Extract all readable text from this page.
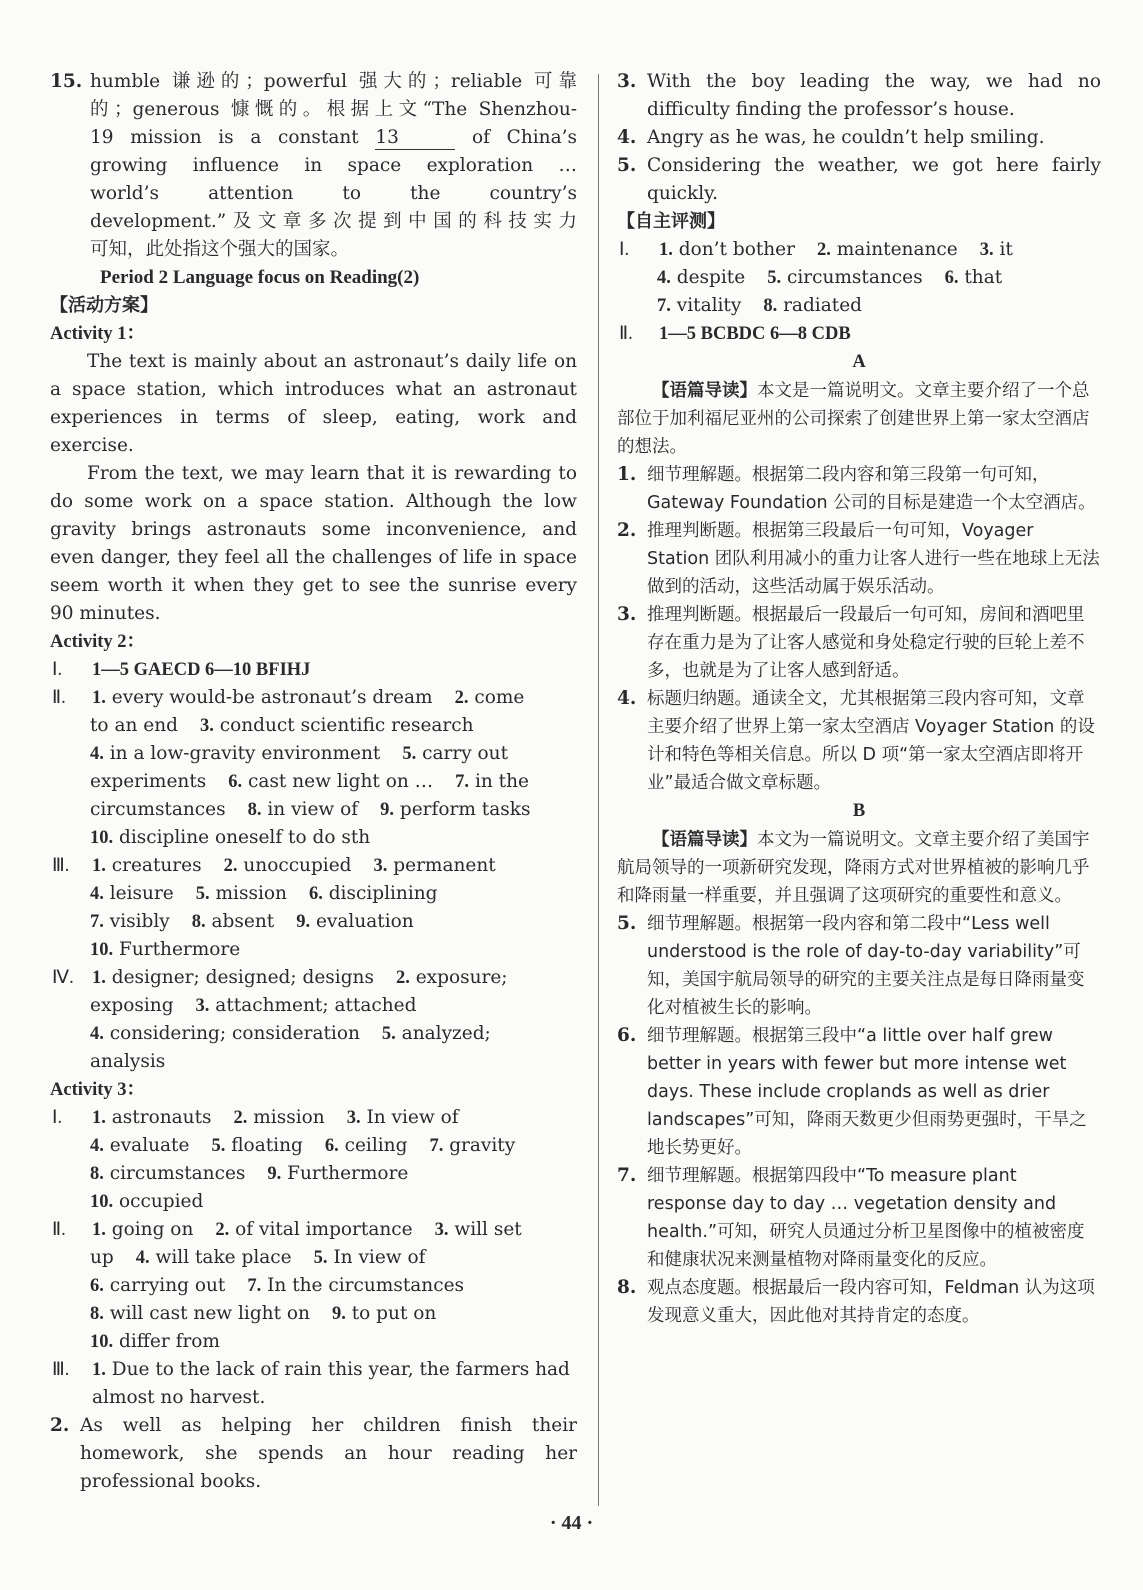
15. humble 谦逊的；powerful 强大的；reliable 可靠
的；generous 慷慨的。根据上文“The Shenzhou-
19 mission is a constant 13	of China’s
growing influence in space exploration …
world’s attention to the country’s
development.”及文章多次提到中国的科技实力
可知，此处指这个强大的国家。
Period 2 Language focus on Reading(2)
【活动方案】
Activity 1：
The text is mainly about an astronaut’s daily life on a space station, which introduces what an astronaut experiences in terms of sleep, eating, work and exercise.
From the text, we may learn that it is rewarding to do some work on a space station. Although the low gravity brings astronauts some inconvenience, and even danger, they feel all the challenges of life in space seem worth it when they get to see the sunrise every 90 minutes.
Activity 2：
Ⅰ. 1—5 GAECD 6—10 BFIHJ
Ⅱ. 1. every would-be astronaut’s dream 2. come
to an end 3. conduct scientific research
4. in a low-gravity environment 5. carry out
experiments 6. cast new light on … 7. in the
circumstances 8. in view of 9. perform tasks
10. discipline oneself to do sth
Ⅲ. 1. creatures 2. unoccupied 3. permanent
4. leisure 5. mission 6. disciplining
7. visibly 8. absent 9. evaluation
10. Furthermore
Ⅳ. 1. designer; designed; designs 2. exposure;
exposing 3. attachment; attached
4. considering; consideration 5. analyzed;
analysis
Activity 3：
Ⅰ. 1. astronauts 2. mission 3. In view of
4. evaluate 5. floating 6. ceiling 7. gravity
8. circumstances 9. Furthermore
10. occupied
Ⅱ. 1. going on 2. of vital importance 3. will set
up 4. will take place 5. In view of
6. carrying out 7. In the circumstances
8. will cast new light on 9. to put on
10. differ from
Ⅲ.	1. Due to the lack of rain this year, the farmers had almost no harvest.
2. As well as helping her children finish their homework, she spends an hour reading her professional books.
3. With the boy leading the way, we had no difficulty finding the professor’s house.
4. Angry as he was, he couldn’t help smiling.
5. Considering the weather, we got here fairly quickly.
【自主评测】
Ⅰ. 1. don’t bother 2. maintenance 3. it
4. despite 5. circumstances 6. that
7. vitality 8. radiated
Ⅱ. 1—5 BCBDC 6—8 CDB
A
【语篇导读】本文是一篇说明文。文章主要介绍了一个总部位于加利福尼亚州的公司探索了创建世界上第一家太空酒店的想法。
1. 细节理解题。根据第二段内容和第三段第一句可知，Gateway Foundation 公司的目标是建造一个太空酒店。
2. 推理判断题。根据第三段最后一句可知，Voyager Station 团队利用减小的重力让客人进行一些在地球上无法做到的活动，这些活动属于娱乐活动。
3. 推理判断题。根据最后一段最后一句可知，房间和酒吧里存在重力是为了让客人感觉和身处稳定行驶的巨轮上差不多，也就是为了让客人感到舒适。
4. 标题归纳题。通读全文，尤其根据第三段内容可知，文章主要介绍了世界上第一家太空酒店 Voyager Station 的设计和特色等相关信息。所以 D 项“第一家太空酒店即将开业”最适合做文章标题。
B
【语篇导读】本文为一篇说明文。文章主要介绍了美国宇航局领导的一项新研究发现，降雨方式对世界植被的影响几乎和降雨量一样重要，并且强调了这项研究的重要性和意义。
5. 细节理解题。根据第一段内容和第二段中“Less well understood is the role of day-to-day variability”可知，美国宇航局领导的研究的主要关注点是每日降雨量变化对植被生长的影响。
6. 细节理解题。根据第三段中“a little over half grew better in years with fewer but more intense wet days. These include croplands as well as drier landscapes”可知，降雨天数更少但雨势更强时，干旱之地长势更好。
7. 细节理解题。根据第四段中“To measure plant response day to day … vegetation density and health.”可知，研究人员通过分析卫星图像中的植被密度和健康状况来测量植物对降雨量变化的反应。
8. 观点态度题。根据最后一段内容可知，Feldman 认为这项发现意义重大，因此他对其持肯定的态度。
· 44 ·
